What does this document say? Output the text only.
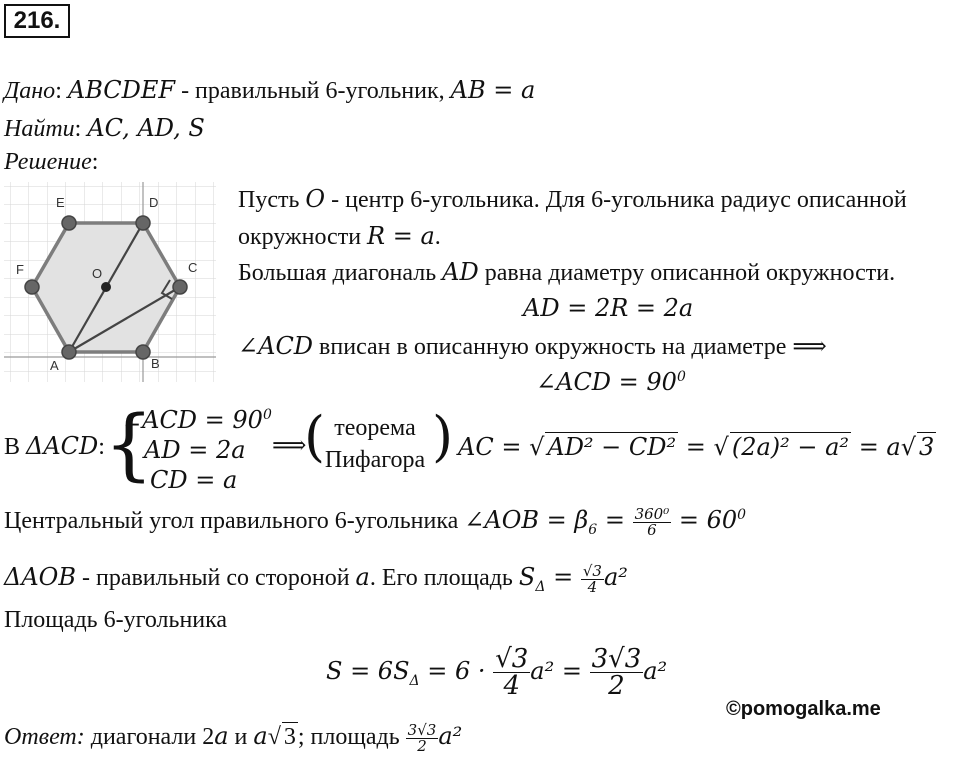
216.
Дано: ABCDEF - правильный 6-угольник, AB = a
Найти: AC, AD, S
Решение:
E	D
F	O	C
A	B
Пусть O - центр 6-угольника. Для 6-угольника радиус описанной
окружности R = a.
Большая диагональ AD равна диаметру описанной окружности.
AD = 2R = 2a
∠ACD вписан в описанную окружность на диаметре ⟹
∠ACD = $90^0$
В ΔACD: {
∠ACD = $90^0$
AD = 2a
CD = a
⟹
( теорема
Пифагора ) AC = √ AD² − CD² = √ (2a)² − a² = a√ 3
Центральный угол правильного 6-угольника ∠AOB = $\beta_6 = \frac{\text{360⁰}}{6} = 60^0$
ΔAOB - правильный со стороной a. Его площадь $S_\Delta = \frac{√3}{4} a^2$
Площадь 6-угольника
$S = 6S_\Delta = 6 \cdot \frac{√3}{4} a^2 = \frac{3√3}{2} a^2$
©pomogalka.me
Ответ: диагонали 2a и a√ 3; площадь $\frac{3√3}{2} a^2$
